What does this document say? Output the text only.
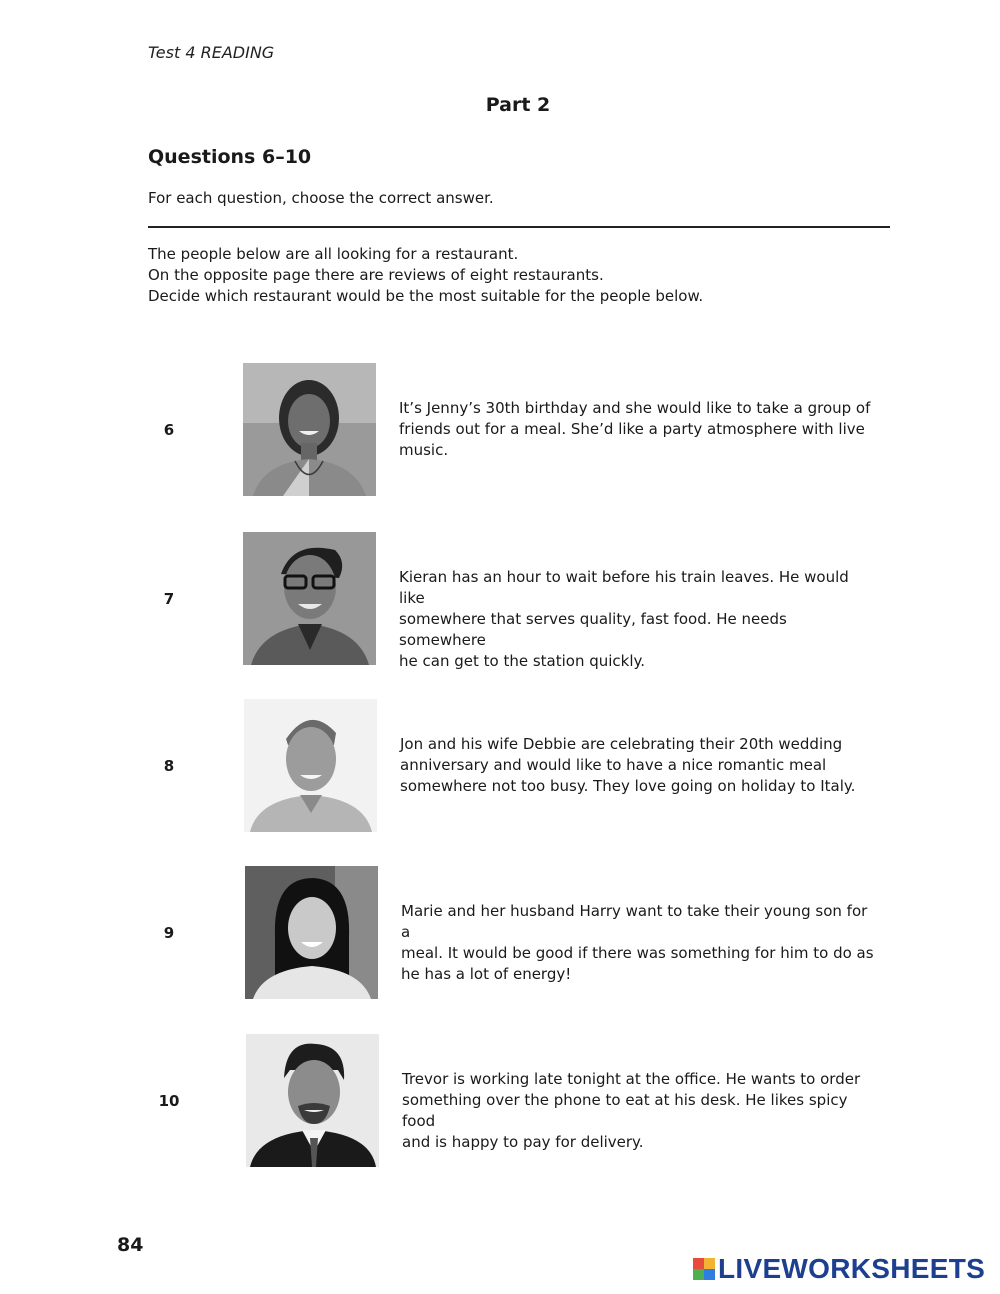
Test 4 READING
Part 2
Questions 6–10
For each question, choose the correct answer.
The people below are all looking for a restaurant.
On the opposite page there are reviews of eight restaurants.
Decide which restaurant would be the most suitable for the people below.
6
It’s Jenny’s 30th birthday and she would like to take a group of
friends out for a meal. She’d like a party atmosphere with live
music.
7
Kieran has an hour to wait before his train leaves. He would like
somewhere that serves quality, fast food. He needs somewhere
he can get to the station quickly.
8
Jon and his wife Debbie are celebrating their 20th wedding
anniversary and would like to have a nice romantic meal
somewhere not too busy. They love going on holiday to Italy.
9
Marie and her husband Harry want to take their young son for a
meal. It would be good if there was something for him to do as
he has a lot of energy!
10
Trevor is working late tonight at the office. He wants to order
something over the phone to eat at his desk. He likes spicy food
and is happy to pay for delivery.
84
LIVEWORKSHEETS
